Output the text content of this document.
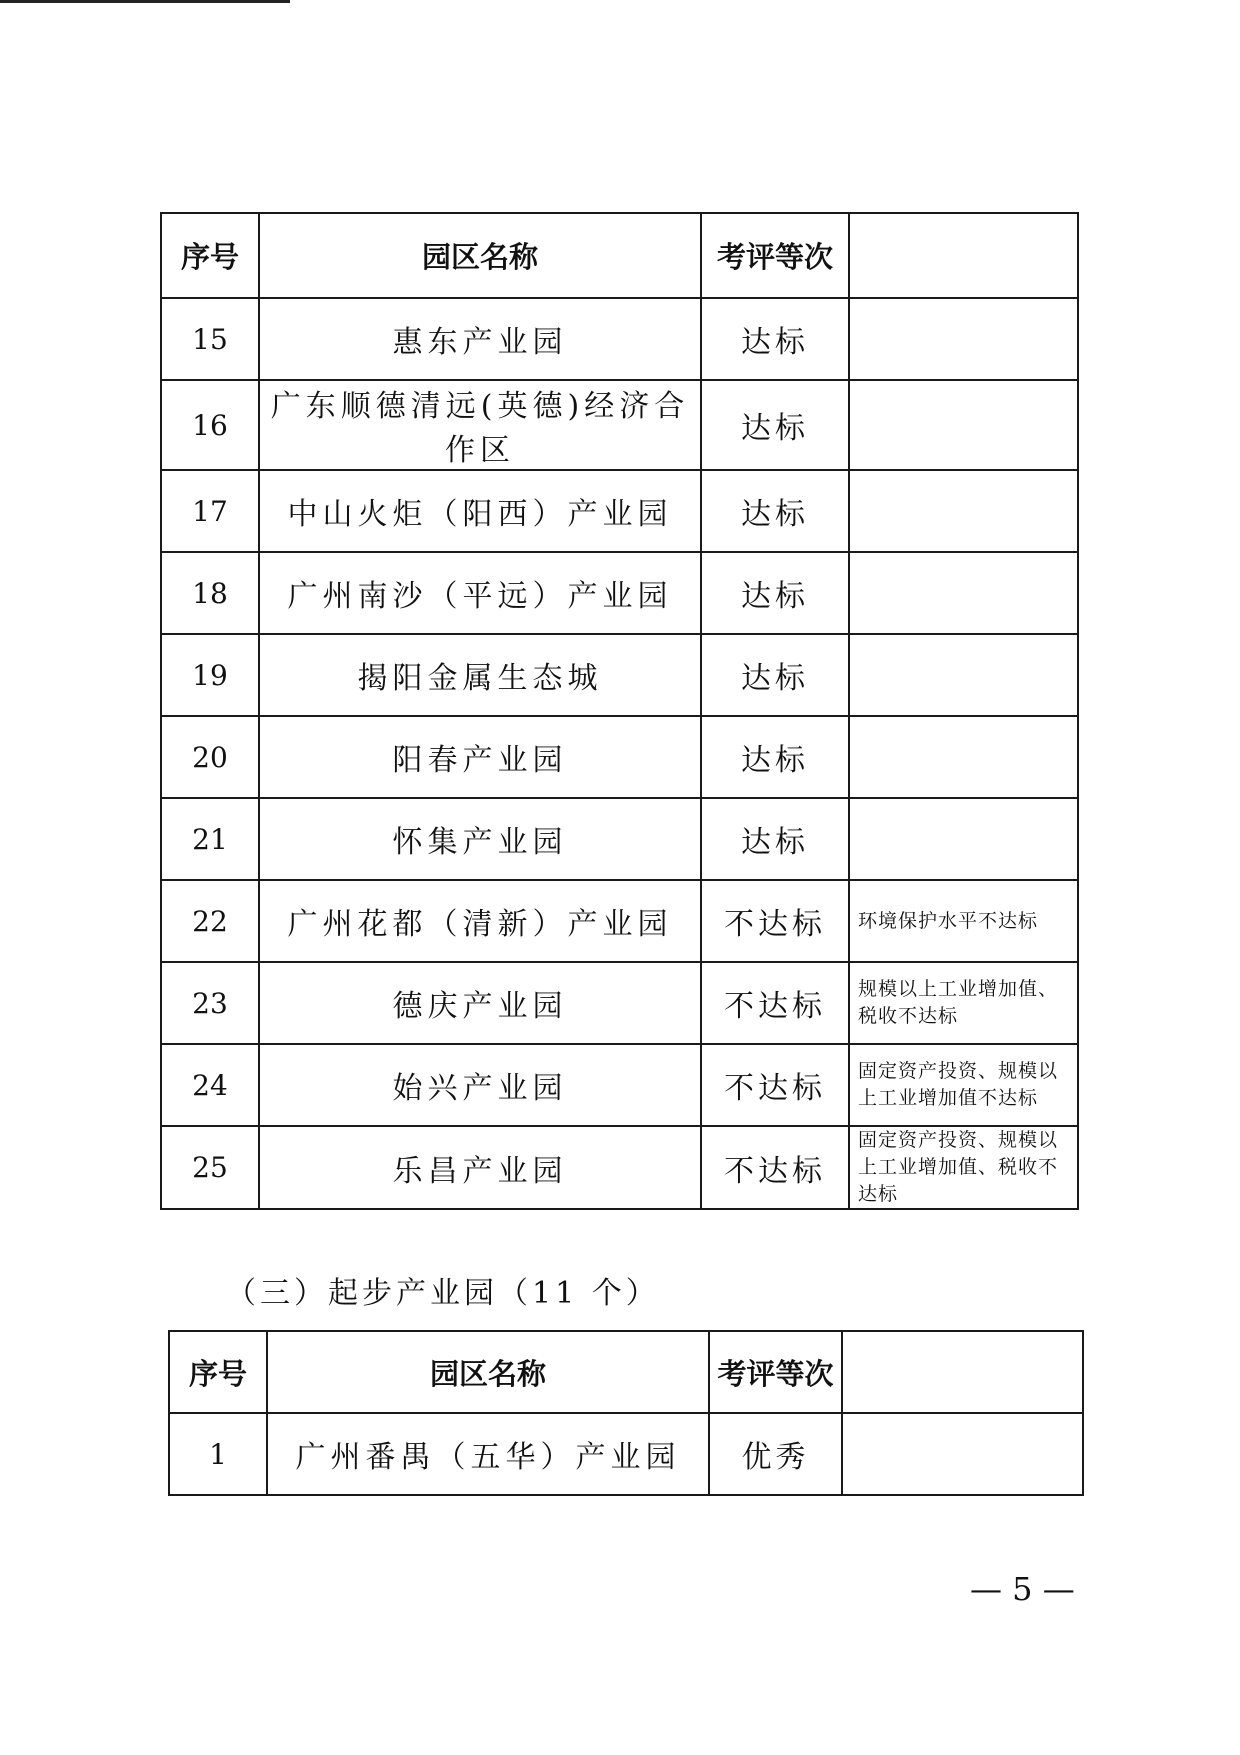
序号	园区名称	考评等次	
15	惠东产业园	达标	
16	广东顺德清远(英德)经济合作区	达标	
17	中山火炬（阳西）产业园	达标	
18	广州南沙（平远）产业园	达标	
19	揭阳金属生态城	达标	
20	阳春产业园	达标	
21	怀集产业园	达标	
22	广州花都（清新）产业园	不达标	环境保护水平不达标
23	德庆产业园	不达标	规模以上工业增加值、税收不达标
24	始兴产业园	不达标	固定资产投资、规模以上工业增加值不达标
25	乐昌产业园	不达标	固定资产投资、规模以上工业增加值、税收不达标
（三）起步产业园（11 个）
序号	园区名称	考评等次	
1	广州番禺（五华）产业园	优秀	
— 5 —
